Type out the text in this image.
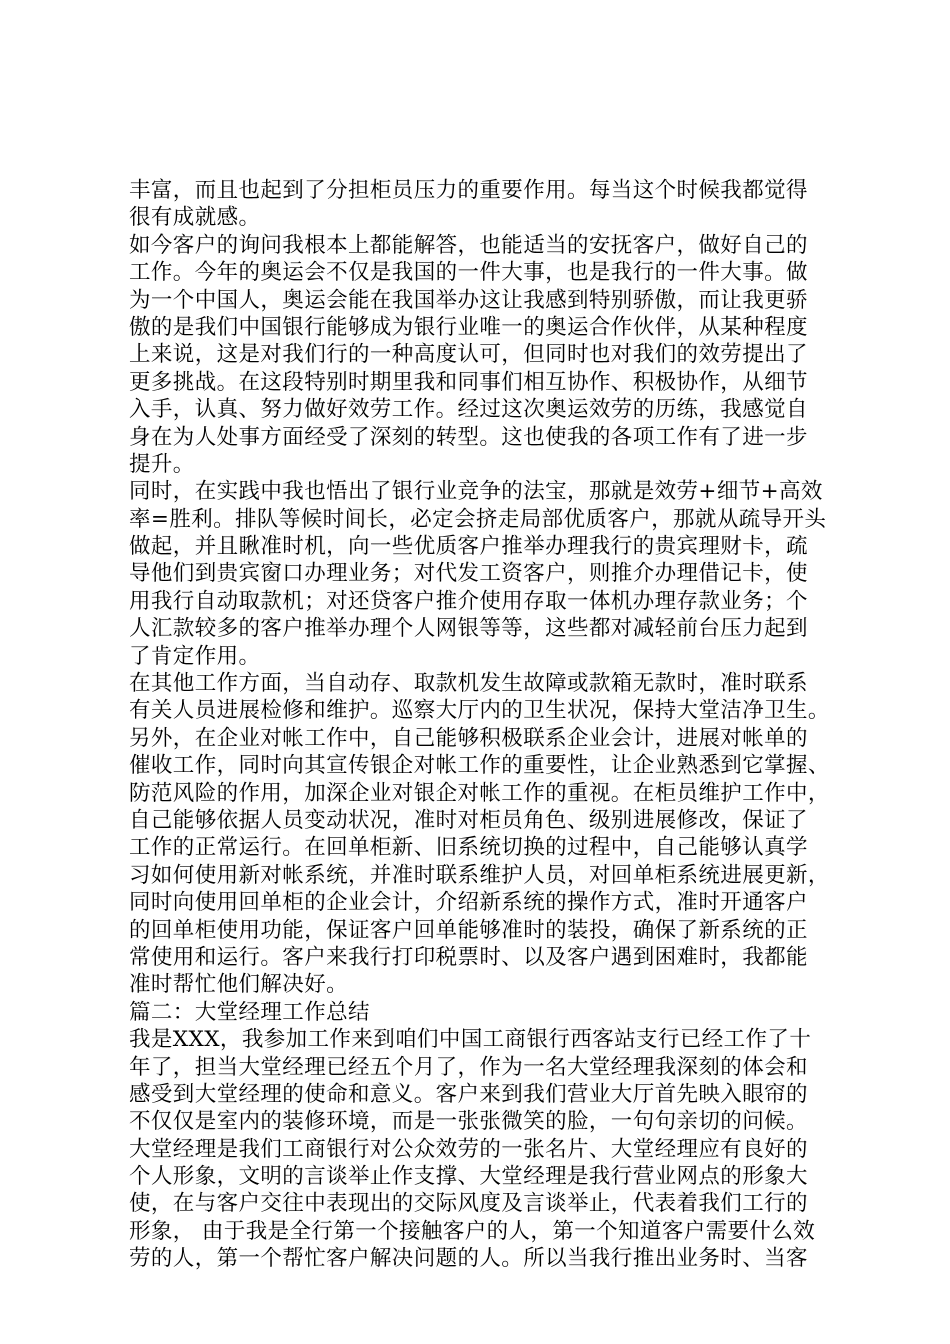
丰富，而且也起到了分担柜员压力的重要作用。每当这个时候我都觉得
很有成就感。
如今客户的询问我根本上都能解答，也能适当的安抚客户，做好自己的
工作。今年的奥运会不仅是我国的一件大事，也是我行的一件大事。做
为一个中国人，奥运会能在我国举办这让我感到特别骄傲，而让我更骄
傲的是我们中国银行能够成为银行业唯一的奥运合作伙伴，从某种程度
上来说，这是对我们行的一种高度认可，但同时也对我们的效劳提出了
更多挑战。在这段特别时期里我和同事们相互协作、积极协作，从细节
入手，认真、努力做好效劳工作。经过这次奥运效劳的历练，我感觉自
身在为人处事方面经受了深刻的转型。这也使我的各项工作有了进一步
提升。
同时，在实践中我也悟出了银行业竞争的法宝，那就是效劳+细节+高效
率=胜利。排队等候时间长，必定会挤走局部优质客户，那就从疏导开头
做起，并且瞅准时机，向一些优质客户推举办理我行的贵宾理财卡，疏
导他们到贵宾窗口办理业务；对代发工资客户，则推介办理借记卡，使
用我行自动取款机；对还贷客户推介使用存取一体机办理存款业务；个
人汇款较多的客户推举办理个人网银等等，这些都对减轻前台压力起到
了肯定作用。
在其他工作方面，当自动存、取款机发生故障或款箱无款时，准时联系
有关人员进展检修和维护。巡察大厅内的卫生状况，保持大堂洁净卫生。
另外，在企业对帐工作中，自己能够积极联系企业会计，进展对帐单的
催收工作，同时向其宣传银企对帐工作的重要性，让企业熟悉到它掌握、
防范风险的作用，加深企业对银企对帐工作的重视。在柜员维护工作中，
自己能够依据人员变动状况，准时对柜员角色、级别进展修改，保证了
工作的正常运行。在回单柜新、旧系统切换的过程中，自己能够认真学
习如何使用新对帐系统，并准时联系维护人员，对回单柜系统进展更新，
同时向使用回单柜的企业会计，介绍新系统的操作方式，准时开通客户
的回单柜使用功能，保证客户回单能够准时的装投，确保了新系统的正
常使用和运行。客户来我行打印税票时、以及客户遇到困难时，我都能
准时帮忙他们解决好。
篇二：大堂经理工作总结
我是XXX，我参加工作来到咱们中国工商银行西客站支行已经工作了十
年了，担当大堂经理已经五个月了，作为一名大堂经理我深刻的体会和
感受到大堂经理的使命和意义。客户来到我们营业大厅首先映入眼帘的
不仅仅是室内的装修环境，而是一张张微笑的脸，一句句亲切的问候。
大堂经理是我们工商银行对公众效劳的一张名片、大堂经理应有良好的
个人形象，文明的言谈举止作支撑、大堂经理是我行营业网点的形象大
使，在与客户交往中表现出的交际风度及言谈举止，代表着我们工行的
形象， 由于我是全行第一个接触客户的人，第一个知道客户需要什么效
劳的人，第一个帮忙客户解决问题的人。所以当我行推出业务时、当客
